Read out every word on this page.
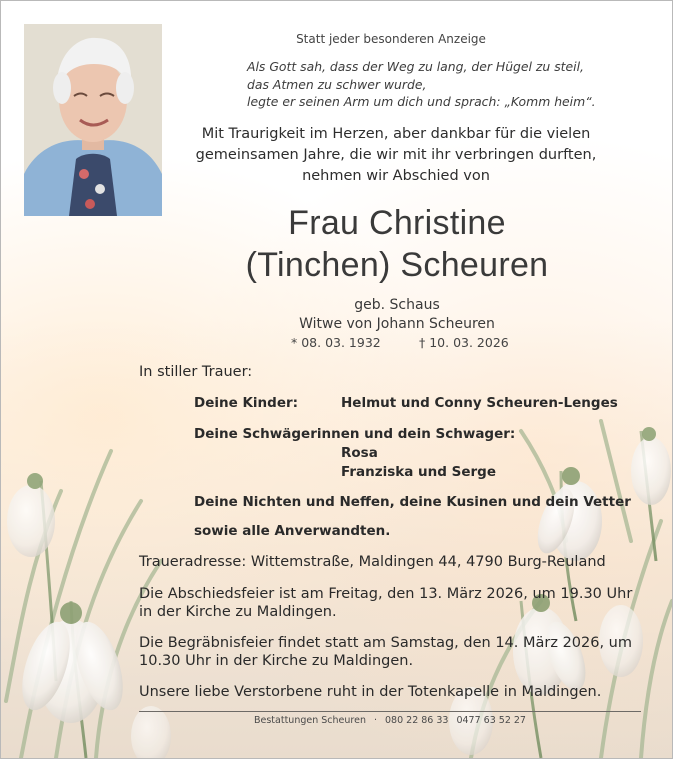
Statt jeder besonderen Anzeige
Als Gott sah, dass der Weg zu lang, der Hügel zu steil,
das Atmen zu schwer wurde,
legte er seinen Arm um dich und sprach: „Komm heim“.
Mit Traurigkeit im Herzen, aber dankbar für die vielen
gemeinsamen Jahre, die wir mit ihr verbringen durften,
nehmen wir Abschied von
Frau Christine
(Tinchen) Scheuren
geb. Schaus
Witwe von Johann Scheuren
* 08. 03. 1932	† 10. 03. 2026
In stiller Trauer:
Deine Kinder:	Helmut und Conny Scheuren-Lenges
Deine Schwägerinnen und dein Schwager:
Rosa
Franziska und Serge
Deine Nichten und Neffen, deine Kusinen und dein Vetter
sowie alle Anverwandten.
Traueradresse: Wittemstraße, Maldingen 44, 4790 Burg-Reuland
Die Abschiedsfeier ist am Freitag, den 13. März 2026, um 19.30 Uhr
in der Kirche zu Maldingen.
Die Begräbnisfeier findet statt am Samstag, den 14. März 2026, um
10.30 Uhr in der Kirche zu Maldingen.
Unsere liebe Verstorbene ruht in der Totenkapelle in Maldingen.
Bestattungen Scheuren · 080 22 86 33 0477 63 52 27
